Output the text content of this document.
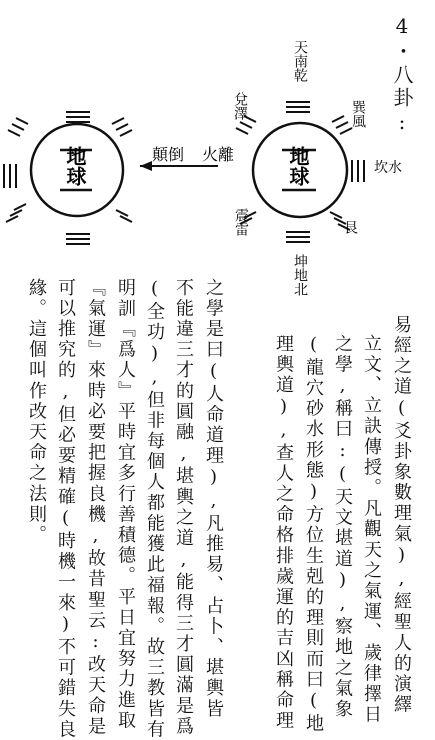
4・八卦:
地球	顛倒 火離	地球
天南乾
兌澤	巽風
坎水
震雷	艮
坤地北
易經之道(爻卦象數理氣),經聖人的演繹
立文、立訣傳授。凡觀天之氣運、歲律擇日
之學,稱曰:(天文堪道),察地之氣象
(龍穴砂水形態)方位生剋的理則而曰(地
理輿道),查人之命格排歲運的吉凶稱命理
之學是曰(人命道理),凡推易、占卜、堪輿皆
不能違三才的圓融,堪輿之道,能得三才圓滿是爲
(全功),但非每個人都能獲此福報。故三教皆有
明訓『爲人』平時宜多行善積德。平日宜努力進取
『氣運』來時必要把握良機,故昔聖云:改天命是
可以推究的,但必要精確(時機一來)不可錯失良
緣。這個叫作改天命之法則。
